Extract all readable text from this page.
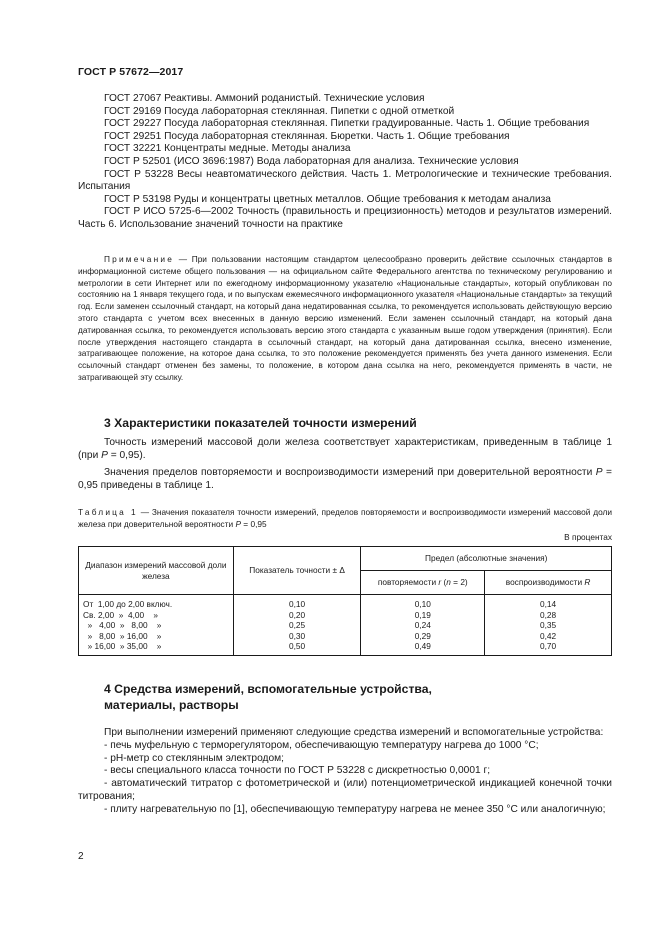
ГОСТ Р 57672—2017

ГОСТ 27067 Реактивы. Аммоний роданистый. Технические условия

ГОСТ 29169 Посуда лабораторная стеклянная. Пипетки с одной отметкой

ГОСТ 29227 Посуда лабораторная стеклянная. Пипетки градуированные. Часть 1. Общие требования

ГОСТ 29251 Посуда лабораторная стеклянная. Бюретки. Часть 1. Общие требования

ГОСТ 32221 Концентраты медные. Методы анализа

ГОСТ Р 52501 (ИСО 3696:1987) Вода лабораторная для анализа. Технические условия

ГОСТ Р 53228 Весы неавтоматического действия. Часть 1. Метрологические и технические требования. Испытания

ГОСТ Р 53198 Руды и концентраты цветных металлов. Общие требования к методам анализа

ГОСТ Р ИСО 5725-6—2002 Точность (правильность и прецизионность) методов и результатов измерений. Часть 6. Использование значений точности на практике

Примечание — При пользовании настоящим стандартом целесообразно проверить действие ссылочных стандартов в информационной системе общего пользования — на официальном сайте Федерального агентства по техническому регулированию и метрологии в сети Интернет или по ежегодному информационному указателю «Национальные стандарты», который опубликован по состоянию на 1 января текущего года, и по выпускам ежемесячного информационного указателя «Национальные стандарты» за текущий год. Если заменен ссылочный стандарт, на который дана недатированная ссылка, то рекомендуется использовать действующую версию этого стандарта с учетом всех внесенных в данную версию изменений. Если заменен ссылочный стандарт, на который дана датированная ссылка, то рекомендуется использовать версию этого стандарта с указанным выше годом утверждения (принятия). Если после утверждения настоящего стандарта в ссылочный стандарт, на который дана датированная ссылка, внесено изменение, затрагивающее положение, на которое дана ссылка, то это положение рекомендуется применять без учета данного изменения. Если ссылочный стандарт отменен без замены, то положение, в котором дана ссылка на него, рекомендуется применять в части, не затрагивающей эту ссылку.

3 Характеристики показателей точности измерений

Точность измерений массовой доли железа соответствует характеристикам, приведенным в таблице 1 (при P = 0,95).

Значения пределов повторяемости и воспроизводимости измерений при доверительной вероятности P = 0,95 приведены в таблице 1.

Таблица 1 — Значения показателя точности измерений, пределов повторяемости и воспроизводимости измерений массовой доли железа при доверительной вероятности P = 0,95

В процентах
Диапазон измерений массовой доли железа	Показатель точности ± Δ	Предел (абсолютные значения)	
		повторяемости r (n = 2)	воспроизводимости R
От  1,00 до 2,00 включ.	0,10	0,10	0,14
Св. 2,00  »  4,00    »	0,20	0,19	0,28
»   4,00  »   8,00    »	0,25	0,24	0,35
»   8,00  » 16,00    »	0,30	0,29	0,42
» 16,00  » 35,00    »	0,50	0,49	0,70
4 Средства измерений, вспомогательные устройства,
материалы, растворы

При выполнении измерений применяют следующие средства измерений и вспомогательные устройства:

- печь муфельную с терморегулятором, обеспечивающую температуру нагрева до 1000 °С;

- рН-метр со стеклянным электродом;

- весы специального класса точности по ГОСТ Р 53228 с дискретностью 0,0001 г;

- автоматический титратор с фотометрической и (или) потенциометрической индикацией конечной точки титрования;

- плиту нагревательную по [1], обеспечивающую температуру нагрева не менее 350 °С или аналогичную;

2
